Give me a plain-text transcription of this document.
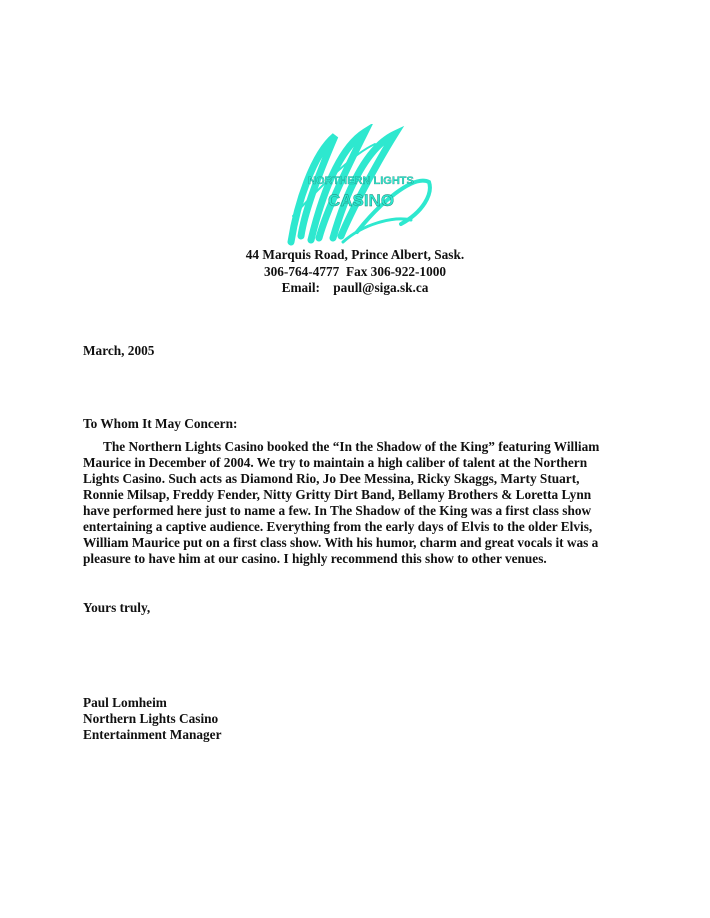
NORTHERN LIGHTS
CASINO
44 Marquis Road, Prince Albert, Sask.
306-764-4777  Fax 306-922-1000
Email:    paull@siga.sk.ca
March, 2005
To Whom It May Concern:
The Northern Lights Casino booked the “In the Shadow of the King” featuring William
Maurice in December of 2004. We try to maintain a high caliber of talent at the Northern
Lights Casino. Such acts as Diamond Rio, Jo Dee Messina, Ricky Skaggs, Marty Stuart,
Ronnie Milsap, Freddy Fender, Nitty Gritty Dirt Band, Bellamy Brothers & Loretta Lynn
have performed here just to name a few. In The Shadow of the King was a first class show
entertaining a captive audience. Everything from the early days of Elvis to the older Elvis,
William Maurice put on a first class show. With his humor, charm and great vocals it was a
pleasure to have him at our casino. I highly recommend this show to other venues.
Yours truly,
Paul Lomheim
Northern Lights Casino
Entertainment Manager
